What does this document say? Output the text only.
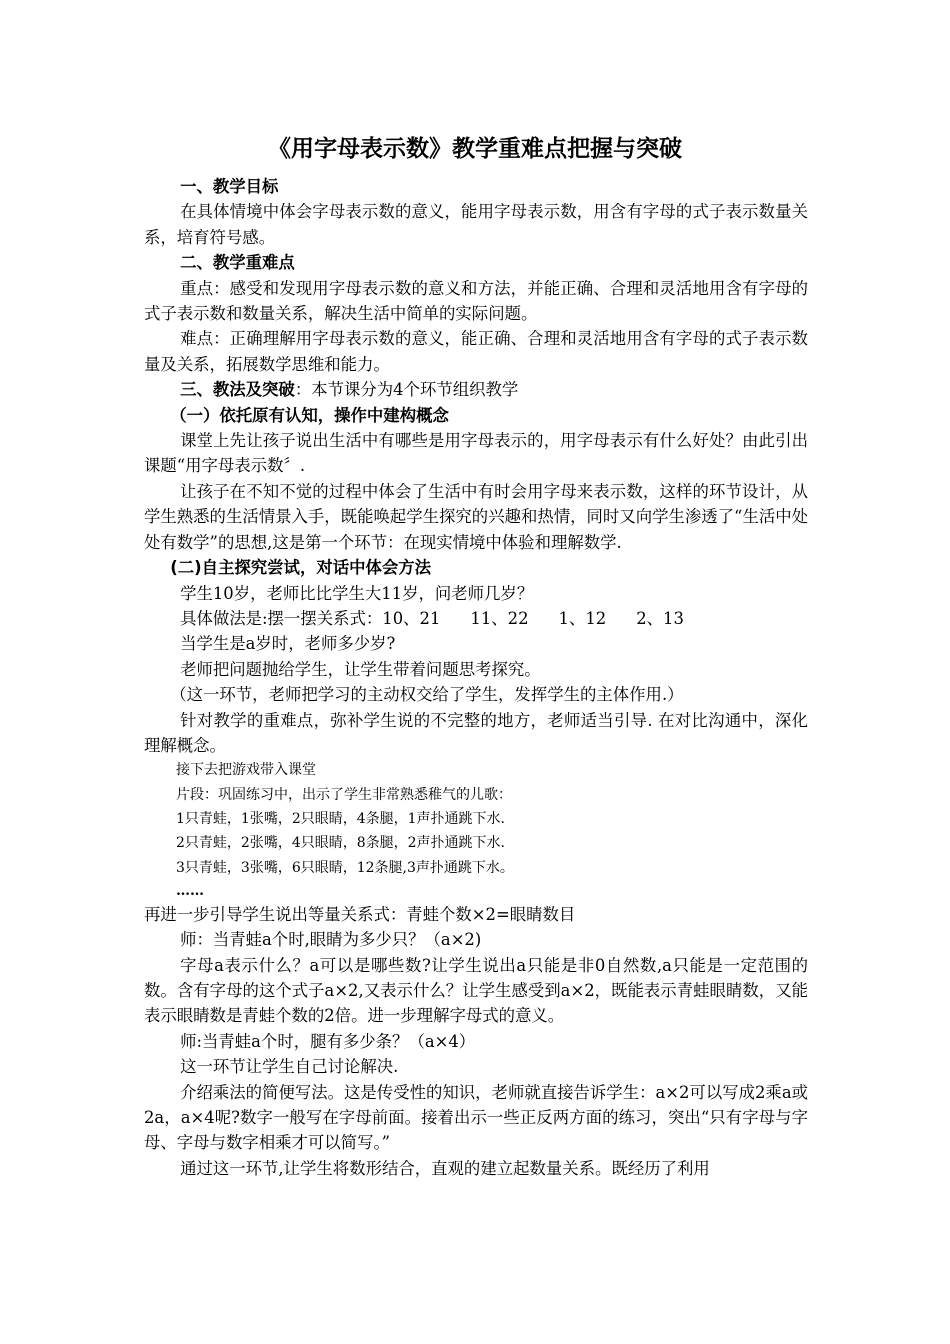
《用字母表示数》教学重难点把握与突破

一、教学目标

在具体情境中体会字母表示数的意义，能用字母表示数，用含有字母的式子表示数量关系，培育符号感。

二、教学重难点

重点：感受和发现用字母表示数的意义和方法，并能正确、合理和灵活地用含有字母的式子表示数和数量关系，解决生活中简单的实际问题。

难点：正确理解用字母表示数的意义，能正确、合理和灵活地用含有字母的式子表示数量及关系，拓展数学思维和能力。

三、教法及突破：本节课分为4个环节组织教学

（一）依托原有认知，操作中建构概念

课堂上先让孩子说出生活中有哪些是用字母表示的，用字母表示有什么好处？由此引出课题“用字母表示数〞.

让孩子在不知不觉的过程中体会了生活中有时会用字母来表示数，这样的环节设计，从学生熟悉的生活情景入手，既能唤起学生探究的兴趣和热情，同时又向学生渗透了“生活中处处有数学”的思想,这是第一个环节：在现实情境中体验和理解数学.

(二)自主探究尝试，对话中体会方法

学生10岁，老师比比学生大11岁，问老师几岁？

具体做法是:摆一摆关系式：10、21 11、22 1、12 2、13

当学生是a岁时，老师多少岁?

老师把问题抛给学生，让学生带着问题思考探究。

（这一环节，老师把学习的主动权交给了学生，发挥学生的主体作用.）

针对教学的重难点，弥补学生说的不完整的地方，老师适当引导. 在对比沟通中，深化理解概念。

接下去把游戏带入课堂

片段：巩固练习中，出示了学生非常熟悉稚气的儿歌：

1只青蛙，1张嘴，2只眼睛，4条腿，1声扑通跳下水.

2只青蛙，2张嘴，4只眼睛，8条腿，2声扑通跳下水.

3只青蛙，3张嘴，6只眼睛，12条腿,3声扑通跳下水。

……

再进一步引导学生说出等量关系式：青蛙个数×2=眼睛数目

师：当青蛙a个时,眼睛为多少只？（a×2)

字母a表示什么？a可以是哪些数?让学生说出a只能是非0自然数,a只能是一定范围的数。含有字母的这个式子a×2,又表示什么？让学生感受到a×2，既能表示青蛙眼睛数，又能表示眼睛数是青蛙个数的2倍。进一步理解字母式的意义。

师:当青蛙a个时，腿有多少条？（a×4）

这一环节让学生自己讨论解决.

介绍乘法的简便写法。这是传受性的知识，老师就直接告诉学生：a×2可以写成2乘a或2a，a×4呢?数字一般写在字母前面。接着出示一些正反两方面的练习，突出“只有字母与字母、字母与数字相乘才可以简写。”

通过这一环节,让学生将数形结合，直观的建立起数量关系。既经历了利用
